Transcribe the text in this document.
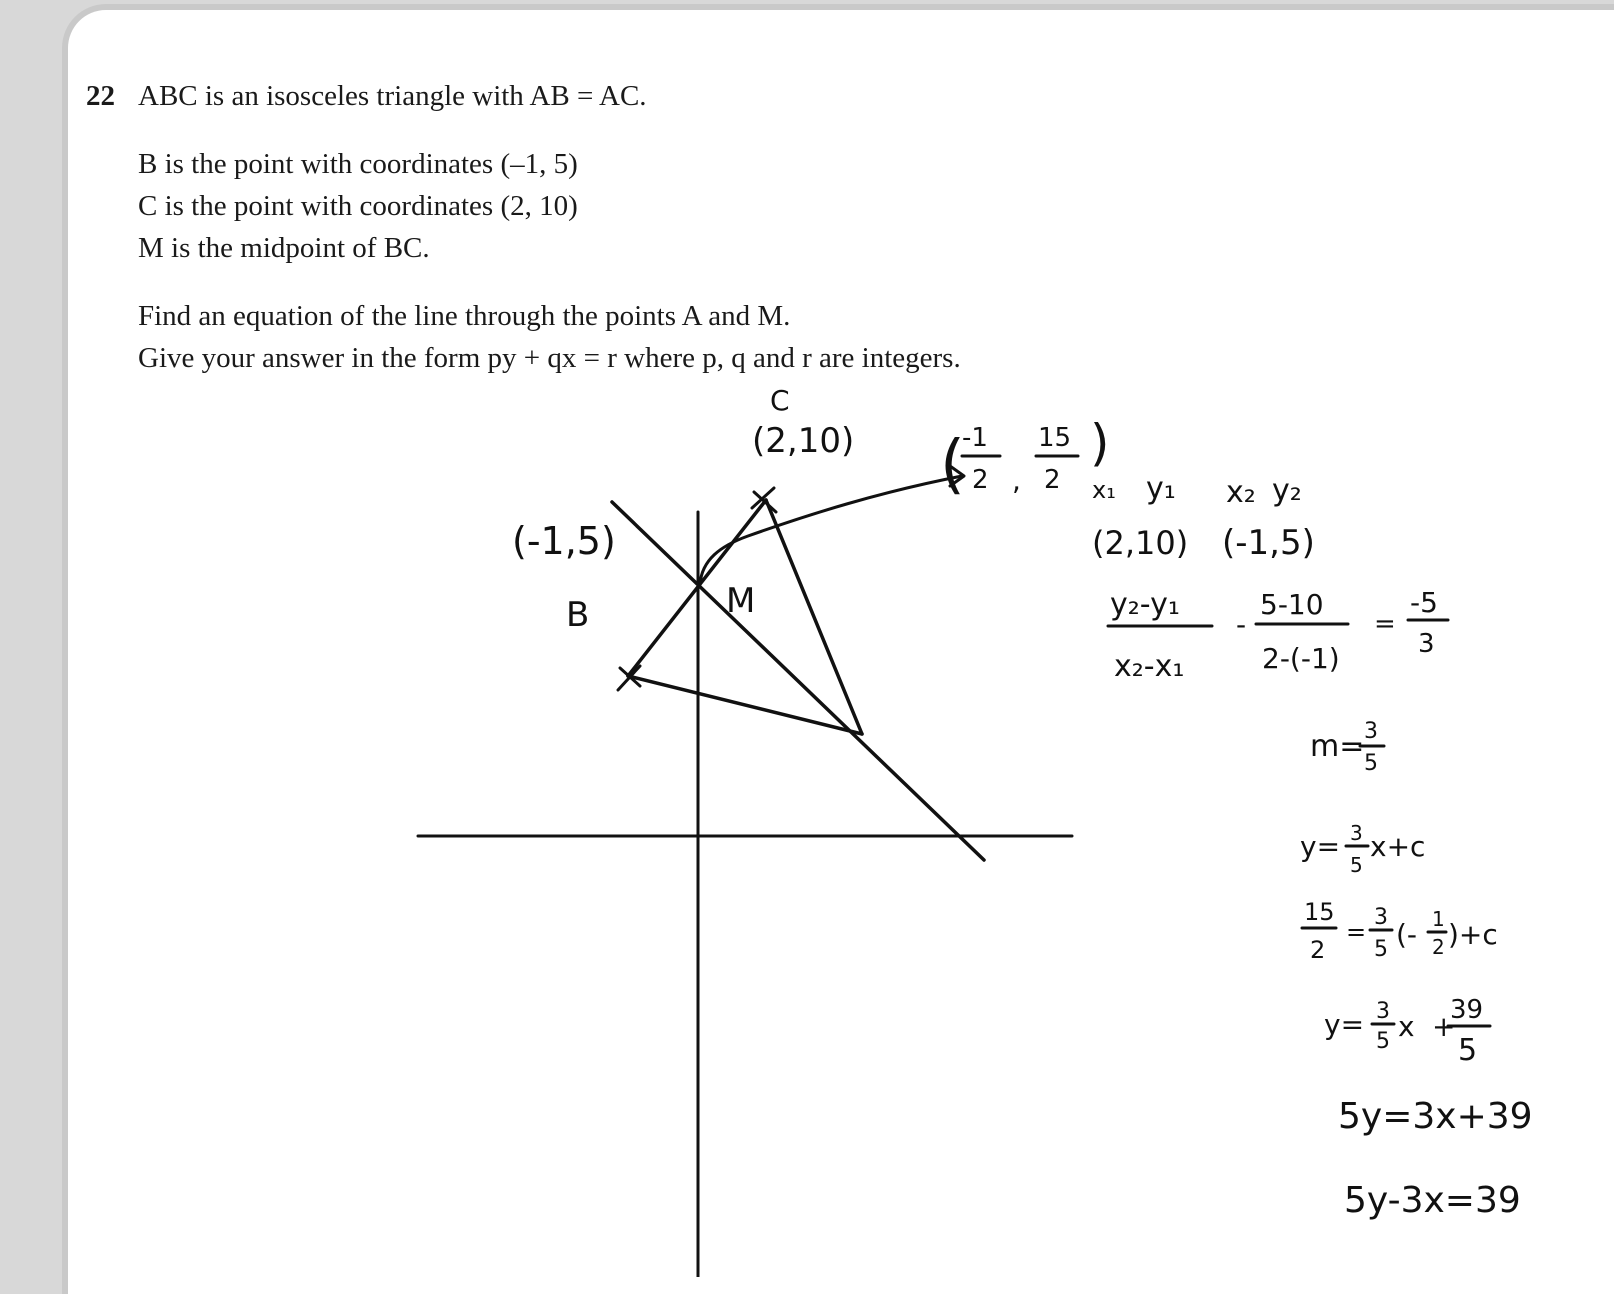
22 ABC is an isosceles triangle with AB = AC.
B is the point with coordinates (–1, 5)
C is the point with coordinates (2, 10)
M is the midpoint of BC.
Find an equation of the line through the points A and M.
Give your answer in the form py + qx = r where p, q and r are integers.
C
(2,10)
(-1,5)
B	M
(
-1
2 ,
15
2
)
x₁ y₁ x₂ y₂
(2,10) (-1,5)
y₂-y₁
x₂-x₁
-
5-10
2-(-1)
=
-5
3
m= 3
5
y= 3
5
x+c
15
2
=
3
5 (- 1
2 )+c
y= 3
5 x +
39
5
5y=3x+39
5y-3x=39
